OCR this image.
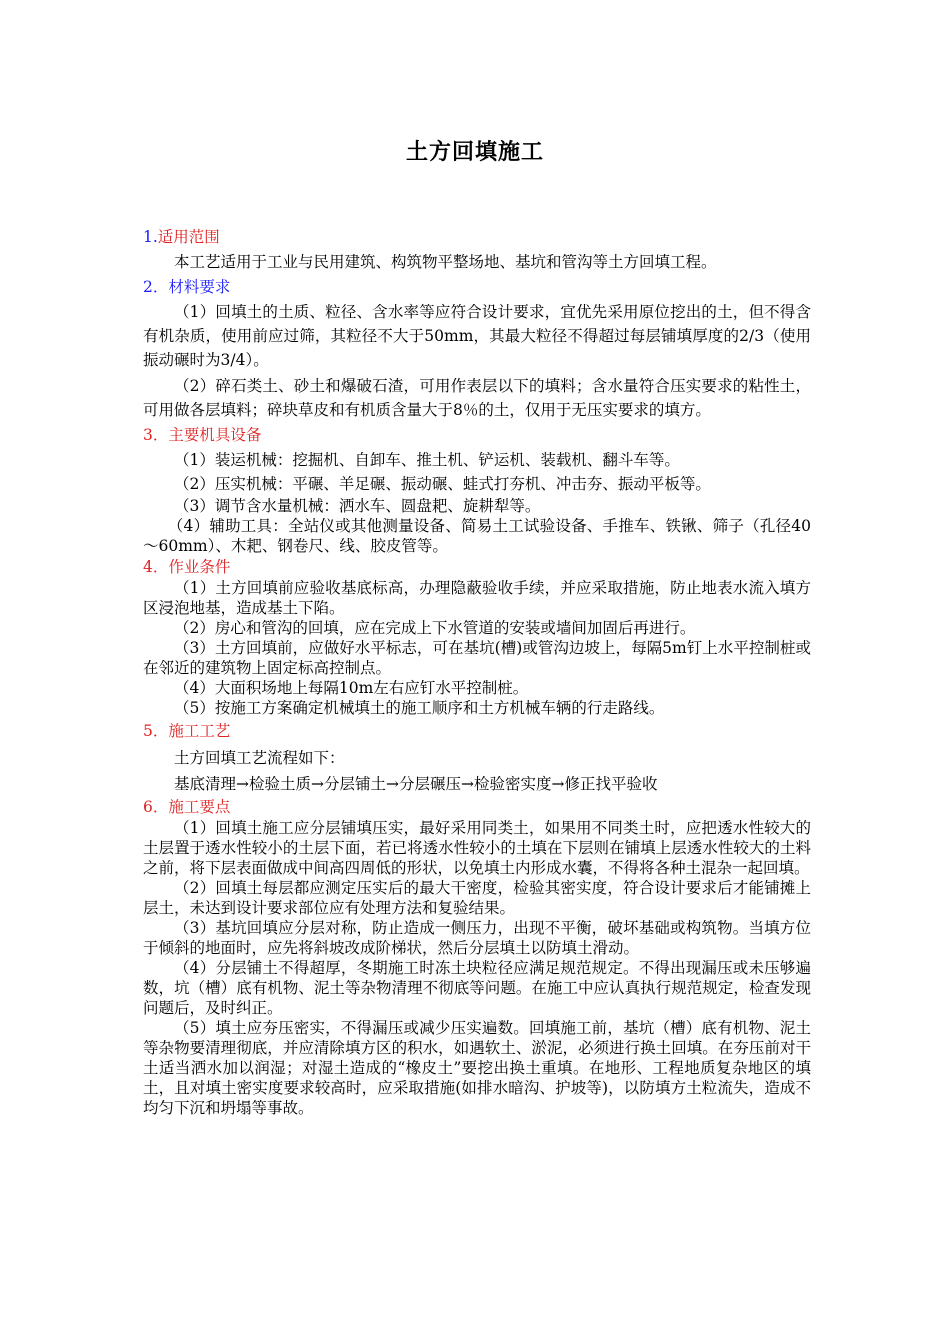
土方回填施工

1.适用范围

本工艺适用于工业与民用建筑、构筑物平整场地、基坑和管沟等土方回填工程。

2．材料要求

（1）回填土的土质、粒径、含水率等应符合设计要求，宜优先采用原位挖出的土，但不得含有机杂质，使用前应过筛，其粒径不大于50mm，其最大粒径不得超过每层铺填厚度的2/3（使用振动碾时为3/4）。

（2）碎石类土、砂土和爆破石渣，可用作表层以下的填料；含水量符合压实要求的粘性土，可用做各层填料；碎块草皮和有机质含量大于8％的土，仅用于无压实要求的填方。

3．主要机具设备

（1）装运机械：挖掘机、自卸车、推土机、铲运机、装载机、翻斗车等。

（2）压实机械：平碾、羊足碾、振动碾、蛙式打夯机、冲击夯、振动平板等。

（3）调节含水量机械：洒水车、圆盘耙、旋耕犁等。

（4）辅助工具：全站仪或其他测量设备、简易土工试验设备、手推车、铁锹、筛子（孔径40～60mm）、木耙、钢卷尺、线、胶皮管等。

4．作业条件

（1）土方回填前应验收基底标高，办理隐蔽验收手续，并应采取措施，防止地表水流入填方区浸泡地基，造成基土下陷。

（2）房心和管沟的回填，应在完成上下水管道的安装或墙间加固后再进行。

（3）土方回填前，应做好水平标志，可在基坑(槽)或管沟边坡上，每隔5m钉上水平控制桩或在邻近的建筑物上固定标高控制点。

（4）大面积场地上每隔10m左右应钉水平控制桩。

（5）按施工方案确定机械填土的施工顺序和土方机械车辆的行走路线。

5．施工工艺

土方回填工艺流程如下：

基底清理→检验土质→分层铺土→分层碾压→检验密实度→修正找平验收

6．施工要点

（1）回填土施工应分层铺填压实，最好采用同类土，如果用不同类土时，应把透水性较大的土层置于透水性较小的土层下面，若已将透水性较小的土填在下层则在铺填上层透水性较大的土料之前，将下层表面做成中间高四周低的形状，以免填土内形成水囊，不得将各种土混杂一起回填。

（2）回填土每层都应测定压实后的最大干密度，检验其密实度，符合设计要求后才能铺摊上层土，未达到设计要求部位应有处理方法和复验结果。

（3）基坑回填应分层对称，防止造成一侧压力，出现不平衡，破坏基础或构筑物。当填方位于倾斜的地面时，应先将斜坡改成阶梯状，然后分层填土以防填土滑动。

（4）分层铺土不得超厚，冬期施工时冻土块粒径应满足规范规定。不得出现漏压或未压够遍数，坑（槽）底有机物、泥土等杂物清理不彻底等问题。在施工中应认真执行规范规定，检查发现问题后，及时纠正。

（5）填土应夯压密实，不得漏压或减少压实遍数。回填施工前，基坑（槽）底有机物、泥土等杂物要清理彻底，并应清除填方区的积水，如遇软土、淤泥，必须进行换土回填。在夯压前对干土适当洒水加以润湿；对湿土造成的“橡皮土”要挖出换土重填。在地形、工程地质复杂地区的填土，且对填土密实度要求较高时，应采取措施(如排水暗沟、护坡等)，以防填方土粒流失，造成不均匀下沉和坍塌等事故。
